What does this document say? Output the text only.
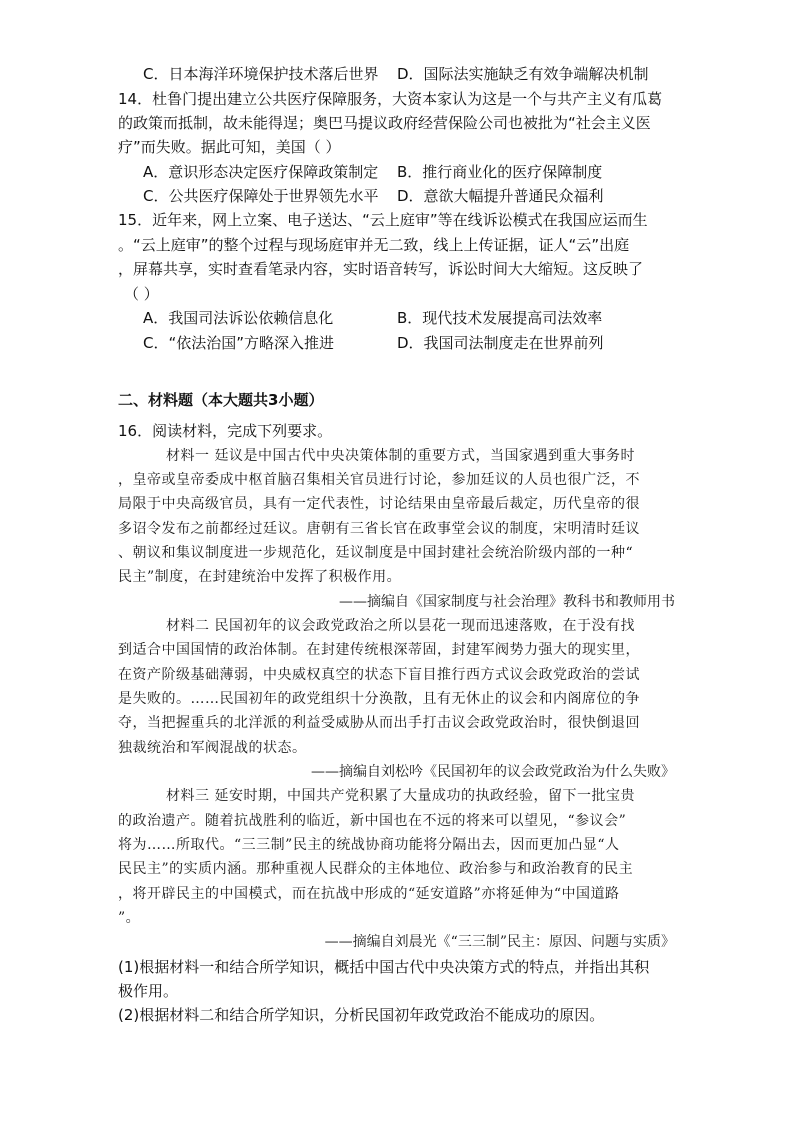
C．日本海洋环境保护技术落后世界 D．国际法实施缺乏有效争端解决机制
14．杜鲁门提出建立公共医疗保障服务，大资本家认为这是一个与共产主义有瓜葛
的政策而抵制，故未能得逞；奥巴马提议政府经营保险公司也被批为“社会主义医
疗”而失败。据此可知，美国（ ）
A．意识形态决定医疗保障政策制定 B．推行商业化的医疗保障制度
C．公共医疗保障处于世界领先水平 D．意欲大幅提升普通民众福利
15．近年来，网上立案、电子送达、“云上庭审”等在线诉讼模式在我国应运而生
。“云上庭审”的整个过程与现场庭审并无二致，线上上传证据，证人“云”出庭
，屏幕共享，实时查看笔录内容，实时语音转写，诉讼时间大大缩短。这反映了
（ ）
A．我国司法诉讼依赖信息化	B．现代技术发展提高司法效率
C．“依法治国”方略深入推进	D．我国司法制度走在世界前列
二、材料题（本大题共3小题）
16．阅读材料，完成下列要求。
材料一 廷议是中国古代中央决策体制的重要方式，当国家遇到重大事务时
，皇帝或皇帝委成中枢首脑召集相关官员进行讨论，参加廷议的人员也很广泛，不
局限于中央高级官员，具有一定代表性，讨论结果由皇帝最后裁定，历代皇帝的很
多诏令发布之前都经过廷议。唐朝有三省长官在政事堂会议的制度，宋明清时廷议
、朝议和集议制度进一步规范化，廷议制度是中国封建社会统治阶级内部的一种“
民主”制度，在封建统治中发挥了积极作用。
——摘编自《国家制度与社会治理》教科书和教师用书
材料二 民国初年的议会政党政治之所以昙花一现而迅速落败，在于没有找
到适合中国国情的政治体制。在封建传统根深蒂固，封建军阀势力强大的现实里，
在资产阶级基础薄弱，中央威权真空的状态下盲目推行西方式议会政党政治的尝试
是失败的。……民国初年的政党组织十分涣散，且有无休止的议会和内阁席位的争
夺，当把握重兵的北洋派的利益受威胁从而出手打击议会政党政治时，很快倒退回
独裁统治和军阀混战的状态。
——摘编自刘松吟《民国初年的议会政党政治为什么失败》
材料三 延安时期，中国共产党积累了大量成功的执政经验，留下一批宝贵
的政治遗产。随着抗战胜利的临近，新中国也在不远的将来可以望见，“参议会”
将为……所取代。“三三制”民主的统战协商功能将分隔出去，因而更加凸显“人
民民主”的实质内涵。那种重视人民群众的主体地位、政治参与和政治教育的民主
，将开辟民主的中国模式，而在抗战中形成的“延安道路”亦将延伸为“中国道路
”。
——摘编自刘晨光《“三三制”民主：原因、问题与实质》
(1)根据材料一和结合所学知识，概括中国古代中央决策方式的特点，并指出其积
极作用。
(2)根据材料二和结合所学知识，分析民国初年政党政治不能成功的原因。
